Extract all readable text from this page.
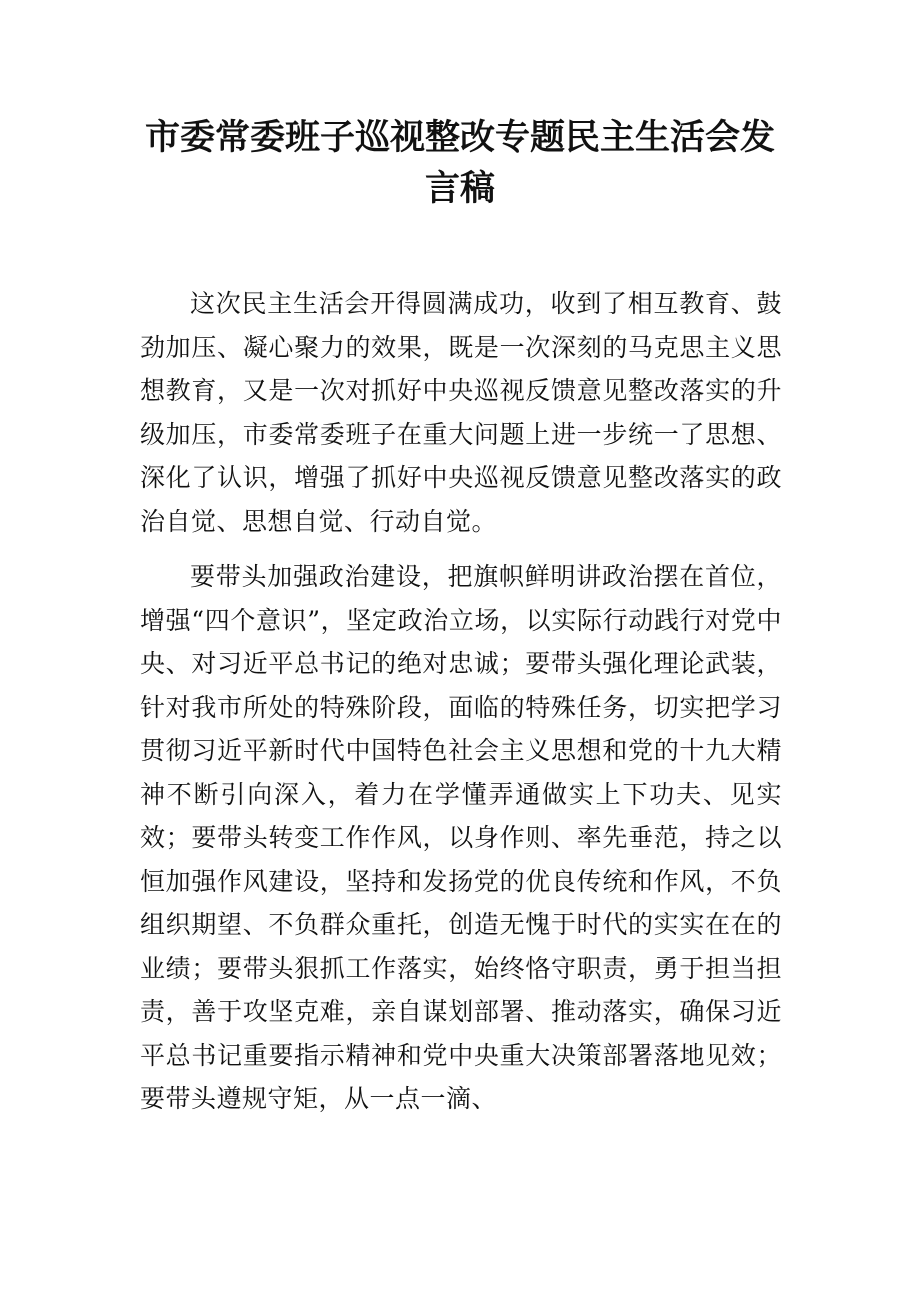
市委常委班子巡视整改专题民主生活会发言稿

这次民主生活会开得圆满成功，收到了相互教育、鼓劲加压、凝心聚力的效果，既是一次深刻的马克思主义思想教育，又是一次对抓好中央巡视反馈意见整改落实的升级加压，市委常委班子在重大问题上进一步统一了思想、深化了认识，增强了抓好中央巡视反馈意见整改落实的政治自觉、思想自觉、行动自觉。

要带头加强政治建设，把旗帜鲜明讲政治摆在首位，增强“四个意识”，坚定政治立场，以实际行动践行对党中央、对习近平总书记的绝对忠诚；要带头强化理论武装，针对我市所处的特殊阶段，面临的特殊任务，切实把学习贯彻习近平新时代中国特色社会主义思想和党的十九大精神不断引向深入，着力在学懂弄通做实上下功夫、见实效；要带头转变工作作风，以身作则、率先垂范，持之以恒加强作风建设，坚持和发扬党的优良传统和作风，不负组织期望、不负群众重托，创造无愧于时代的实实在在的业绩；要带头狠抓工作落实，始终恪守职责，勇于担当担责，善于攻坚克难，亲自谋划部署、推动落实，确保习近平总书记重要指示精神和党中央重大决策部署落地见效；要带头遵规守矩，从一点一滴、
